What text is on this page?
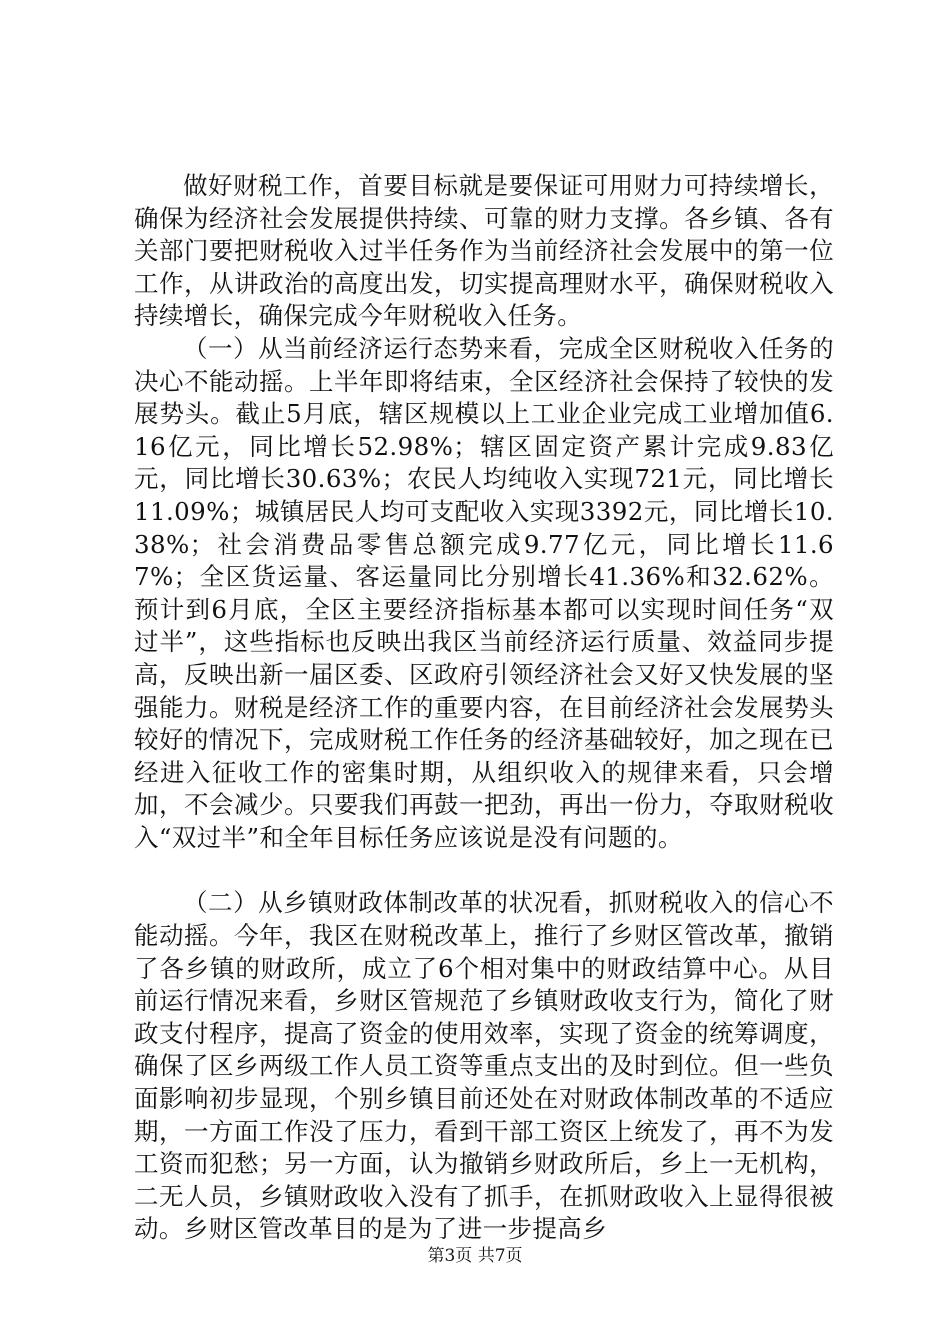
做好财税工作，首要目标就是要保证可用财力可持续增长，确保为经济社会发展提供持续、可靠的财力支撑。各乡镇、各有关部门要把财税收入过半任务作为当前经济社会发展中的第一位工作，从讲政治的高度出发，切实提高理财水平，确保财税收入持续增长，确保完成今年财税收入任务。

（一）从当前经济运行态势来看，完成全区财税收入任务的决心不能动摇。上半年即将结束，全区经济社会保持了较快的发展势头。截止5月底，辖区规模以上工业企业完成工业增加值6.16亿元，同比增长52.98%；辖区固定资产累计完成9.83亿元，同比增长30.63%；农民人均纯收入实现721元，同比增长11.09%；城镇居民人均可支配收入实现3392元，同比增长10.38%；社会消费品零售总额完成9.77亿元，同比增长11.67%；全区货运量、客运量同比分别增长41.36%和32.62%。预计到6月底，全区主要经济指标基本都可以实现时间任务“双过半”，这些指标也反映出我区当前经济运行质量、效益同步提高，反映出新一届区委、区政府引领经济社会又好又快发展的坚强能力。财税是经济工作的重要内容，在目前经济社会发展势头较好的情况下，完成财税工作任务的经济基础较好，加之现在已经进入征收工作的密集时期，从组织收入的规律来看，只会增加，不会减少。只要我们再鼓一把劲，再出一份力，夺取财税收入“双过半”和全年目标任务应该说是没有问题的。

（二）从乡镇财政体制改革的状况看，抓财税收入的信心不能动摇。今年，我区在财税改革上，推行了乡财区管改革，撤销了各乡镇的财政所，成立了6个相对集中的财政结算中心。从目前运行情况来看，乡财区管规范了乡镇财政收支行为，简化了财政支付程序，提高了资金的使用效率，实现了资金的统筹调度，确保了区乡两级工作人员工资等重点支出的及时到位。但一些负面影响初步显现，个别乡镇目前还处在对财政体制改革的不适应期，一方面工作没了压力，看到干部工资区上统发了，再不为发工资而犯愁；另一方面，认为撤销乡财政所后，乡上一无机构，二无人员，乡镇财政收入没有了抓手，在抓财政收入上显得很被动。乡财区管改革目的是为了进一步提高乡

第3页 共7页
